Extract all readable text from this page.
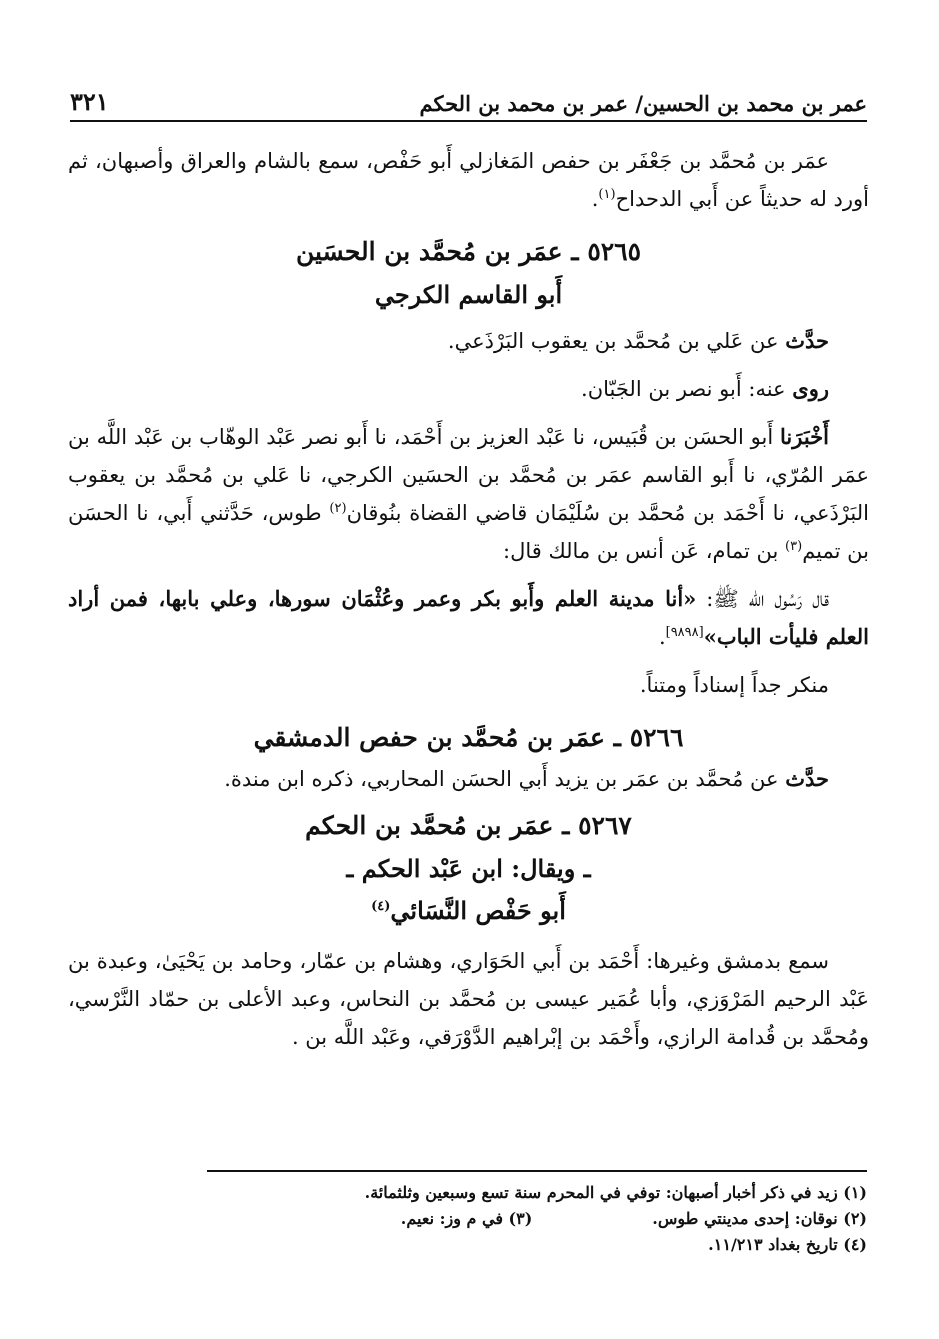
عمر بن محمد بن الحسين/ عمر بن محمد بن الحكم
٣٢١

عمَر بن مُحمَّد بن جَعْفَر بن حفص المَغازلي أَبو حَفْص، سمع بالشام والعراق وأصبهان، ثم أورد له حديثاً عن أَبي الدحداح$^{(١)}$.

٥٢٦٥ ـ عمَر بن مُحمَّد بن الحسَين
أَبو القاسم الكرجي

حدَّث عن عَلي بن مُحمَّد بن يعقوب البَرْذَعي.

روى عنه: أَبو نصر بن الجَبّان.

أَخْبَرَنا أَبو الحسَن بن قُبَيس، نا عَبْد العزيز بن أَحْمَد، نا أَبو نصر عَبْد الوهّاب بن عَبْد اللَّه بن عمَر المُرّي، نا أَبو القاسم عمَر بن مُحمَّد بن الحسَين الكرجي، نا عَلي بن مُحمَّد بن يعقوب البَرْذَعي، نا أَحْمَد بن مُحمَّد بن سُلَيْمَان قاضي القضاة بنُوقان$^{(٢)}$ طوس، حَدَّثني أَبي، نا الحسَن بن تميم$^{(٣)}$ بن تمام، عَن أنس بن مالك قال:

قال رَسُول الله ﷺ: «أنا مدينة العلم وأَبو بكر وعمر وعُثْمَان سورها، وعلي بابها، فمن أراد العلم فليأت الباب»[٩٨٩٨].

منكر جداً إسناداً ومتناً.

٥٢٦٦ ـ عمَر بن مُحمَّد بن حفص الدمشقي

حدَّث عن مُحمَّد بن عمَر بن يزيد أَبي الحسَن المحاربي، ذكره ابن مندة.

٥٢٦٧ ـ عمَر بن مُحمَّد بن الحكم
ـ ويقال: ابن عَبْد الحكم ـ
أَبو حَفْص النَّسَائي$^{(٤)}$

سمع بدمشق وغيرها: أَحْمَد بن أَبي الحَوَاري، وهشام بن عمّار، وحامد بن يَحْيَىٰ، وعبدة بن عَبْد الرحيم المَرْوَزي، وأبا عُمَير عيسى بن مُحمَّد بن النحاس، وعبد الأعلى بن حمّاد النَّرْسي، ومُحمَّد بن قُدامة الرازي، وأَحْمَد بن إبْراهيم الدَّوْرَقي، وعَبْد اللَّه بن .

(١) زيد في ذكر أخبار أصبهان: توفي في المحرم سنة تسع وسبعين وثلثمائة.

(٢) نوقان: إحدى مدينتي طوس.

(٣) في م وز: نعيم.

(٤) تاريخ بغداد ١١/٢١٣.
